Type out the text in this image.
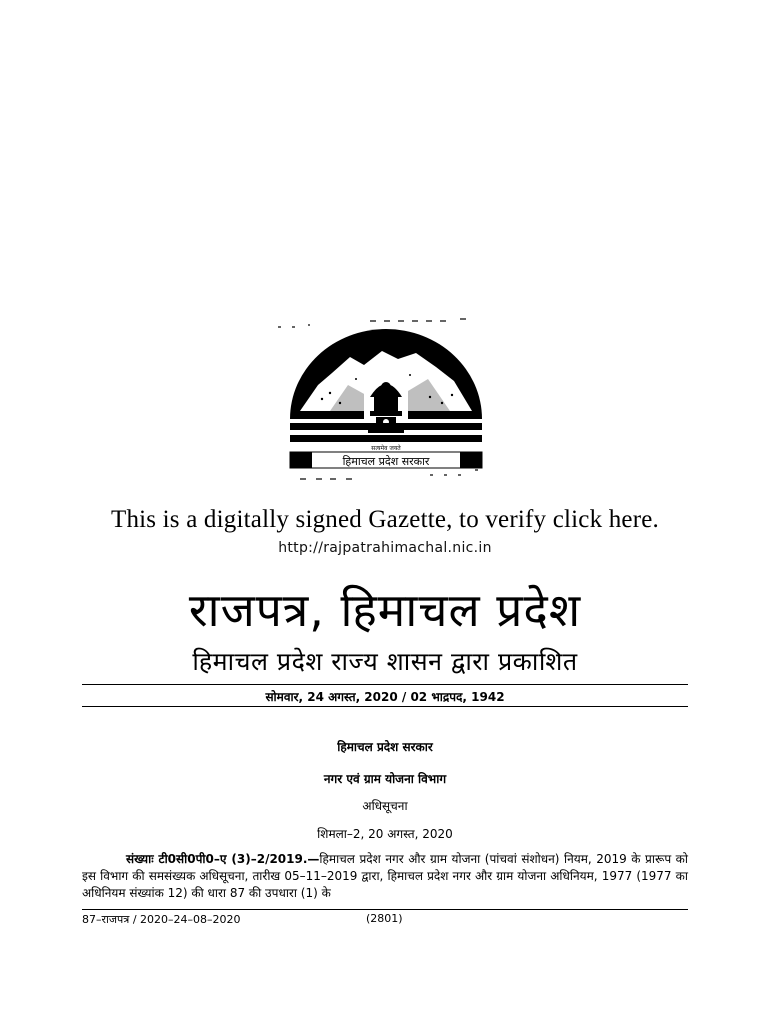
सत्यमेव जयते
हिमाचल प्रदेश सरकार
This is a digitally signed Gazette, to verify click here.
http://rajpatrahimachal.nic.in
राजपत्र, हिमाचल प्रदेश
हिमाचल प्रदेश राज्य शासन द्वारा प्रकाशित
सोमवार, 24 अगस्त, 2020 / 02 भाद्रपद, 1942
हिमाचल प्रदेश सरकार
नगर एवं ग्राम योजना विभाग
अधिसूचना
शिमला–2, 20 अगस्त, 2020
संख्याः टी0सी0पी0–ए (3)–2/2019.—हिमाचल प्रदेश नगर और ग्राम योजना (पांचवां संशोधन) नियम, 2019 के प्रारूप को इस विभाग की समसंख्यक अधिसूचना, तारीख 05–11–2019 द्वारा, हिमाचल प्रदेश नगर और ग्राम योजना अधिनियम, 1977 (1977 का अधिनियम संख्यांक 12) की धारा 87 की उपधारा (1) के
87–राजपत्र / 2020–24–08–2020	(2801)
